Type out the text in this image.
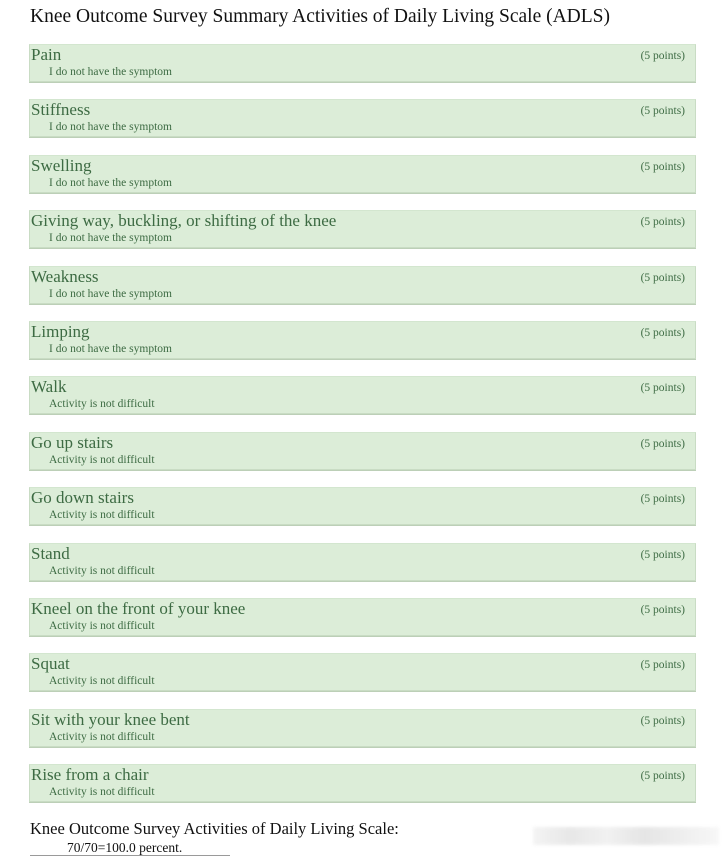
Knee Outcome Survey Summary Activities of Daily Living Scale (ADLS)
Pain
I do not have the symptom
(5 points)
Stiffness
I do not have the symptom
(5 points)
Swelling
I do not have the symptom
(5 points)
Giving way, buckling, or shifting of the knee
I do not have the symptom
(5 points)
Weakness
I do not have the symptom
(5 points)
Limping
I do not have the symptom
(5 points)
Walk
Activity is not difficult
(5 points)
Go up stairs
Activity is not difficult
(5 points)
Go down stairs
Activity is not difficult
(5 points)
Stand
Activity is not difficult
(5 points)
Kneel on the front of your knee
Activity is not difficult
(5 points)
Squat
Activity is not difficult
(5 points)
Sit with your knee bent
Activity is not difficult
(5 points)
Rise from a chair
Activity is not difficult
(5 points)
Knee Outcome Survey Activities of Daily Living Scale:
70/70=100.0 percent.
